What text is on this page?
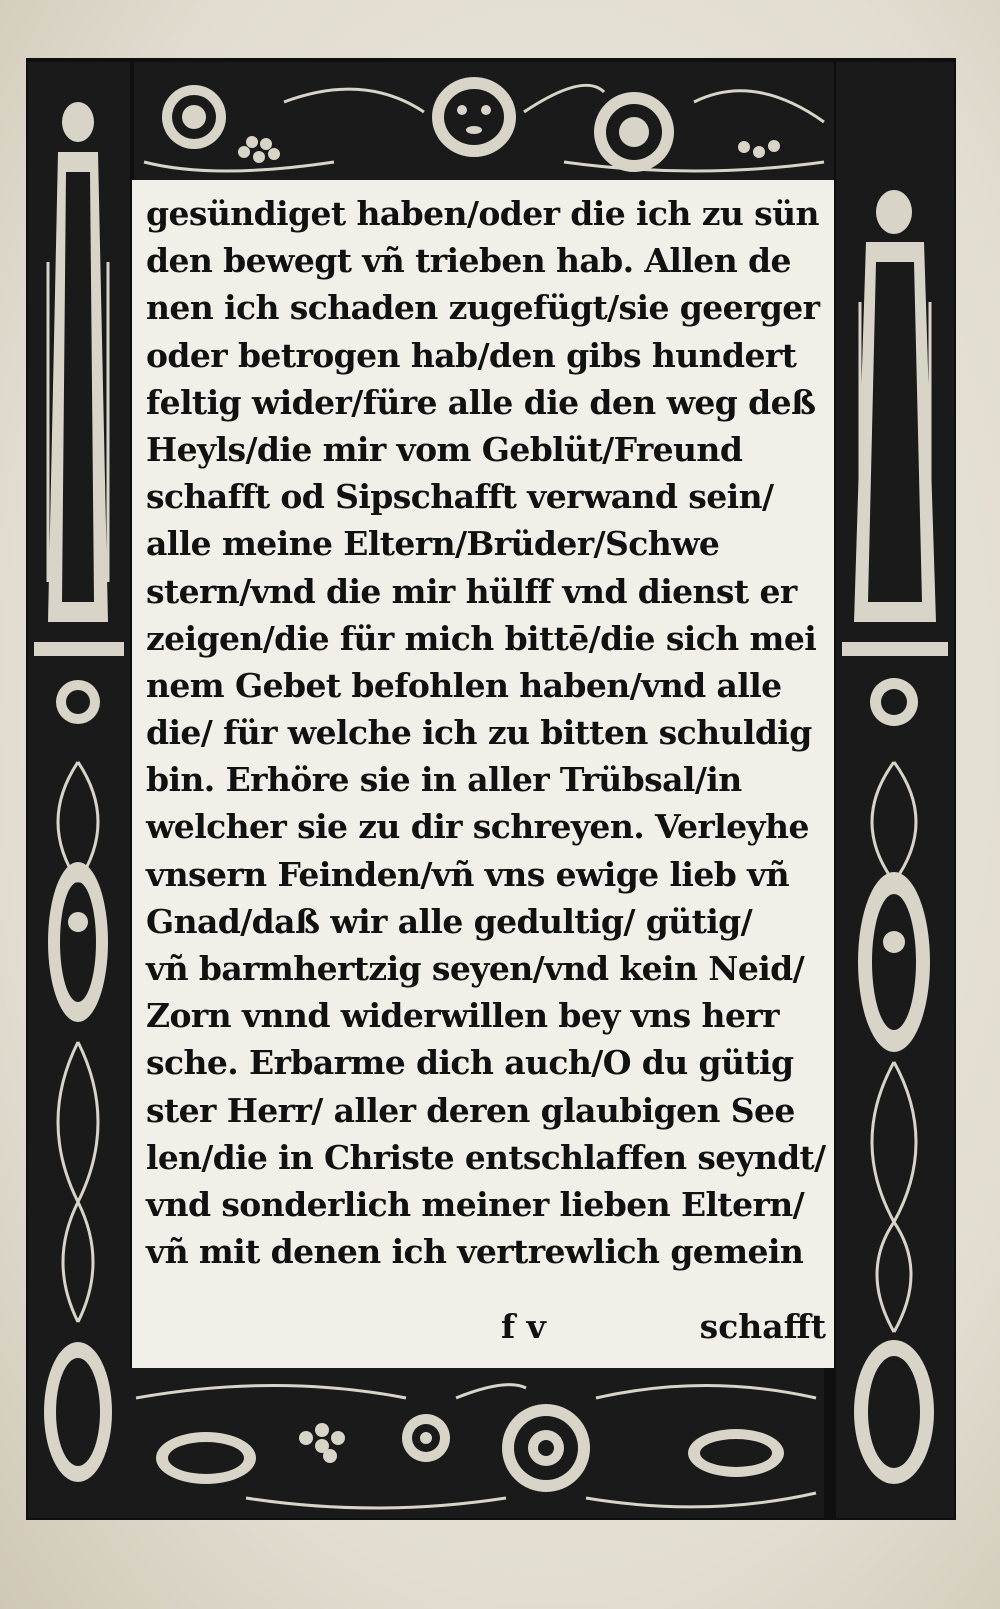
gesündiget haben/oder die ich zu sün
den bewegt vñ trieben hab. Allen de
nen ich schaden zugefügt/sie geerger
oder betrogen hab/den gibs hundert
feltig wider/füre alle die den weg deß
Heyls/die mir vom Geblüt/Freund
schafft od Sipschafft verwand sein/
alle meine Eltern/Brüder/Schwe
stern/vnd die mir hülff vnd dienst er
zeigen/die für mich bittē/die sich mei
nem Gebet befohlen haben/vnd alle
die/ für welche ich zu bitten schuldig
bin. Erhöre sie in aller Trübsal/in
welcher sie zu dir schreyen. Verleyhe
vnsern Feinden/vñ vns ewige lieb vñ
Gnad/daß wir alle gedultig/ gütig/
vñ barmhertzig seyen/vnd kein Neid/
Zorn vnnd widerwillen bey vns herr
sche. Erbarme dich auch/O du gütig
ster Herr/ aller deren glaubigen See
len/die in Christe entschlaffen seyndt/
vnd sonderlich meiner lieben Eltern/
vñ mit denen ich vertrewlich gemein
f v	schafft
